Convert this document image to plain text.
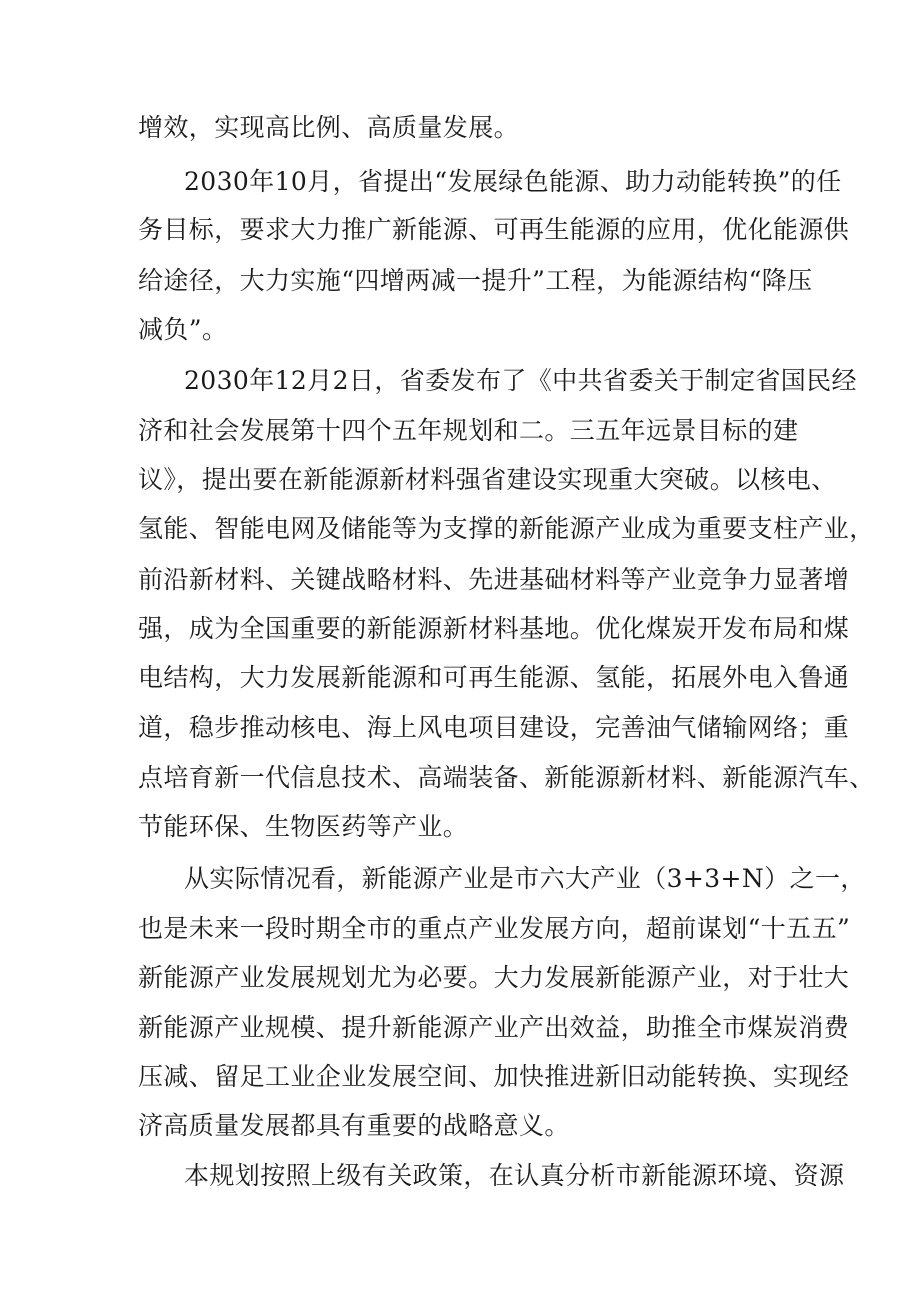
增效，实现高比例、高质量发展。
2030年10月，省提出“发展绿色能源、助力动能转换”的任
务目标，要求大力推广新能源、可再生能源的应用，优化能源供
给途径，大力实施“四增两减一提升”工程，为能源结构“降压
减负”。
2030年12月2日，省委发布了《中共省委关于制定省国民经
济和社会发展第十四个五年规划和二。三五年远景目标的建
议》，提出要在新能源新材料强省建设实现重大突破。以核电、
氢能、智能电网及储能等为支撑的新能源产业成为重要支柱产业，
前沿新材料、关键战略材料、先进基础材料等产业竞争力显著增
强，成为全国重要的新能源新材料基地。优化煤炭开发布局和煤
电结构，大力发展新能源和可再生能源、氢能，拓展外电入鲁通
道，稳步推动核电、海上风电项目建设，完善油气储输网络；重
点培育新一代信息技术、高端装备、新能源新材料、新能源汽车、
节能环保、生物医药等产业。
从实际情况看，新能源产业是市六大产业（3+3+N）之一，
也是未来一段时期全市的重点产业发展方向，超前谋划“十五五”
新能源产业发展规划尤为必要。大力发展新能源产业，对于壮大
新能源产业规模、提升新能源产业产出效益，助推全市煤炭消费
压减、留足工业企业发展空间、加快推进新旧动能转换、实现经
济高质量发展都具有重要的战略意义。
本规划按照上级有关政策，在认真分析市新能源环境、资源
